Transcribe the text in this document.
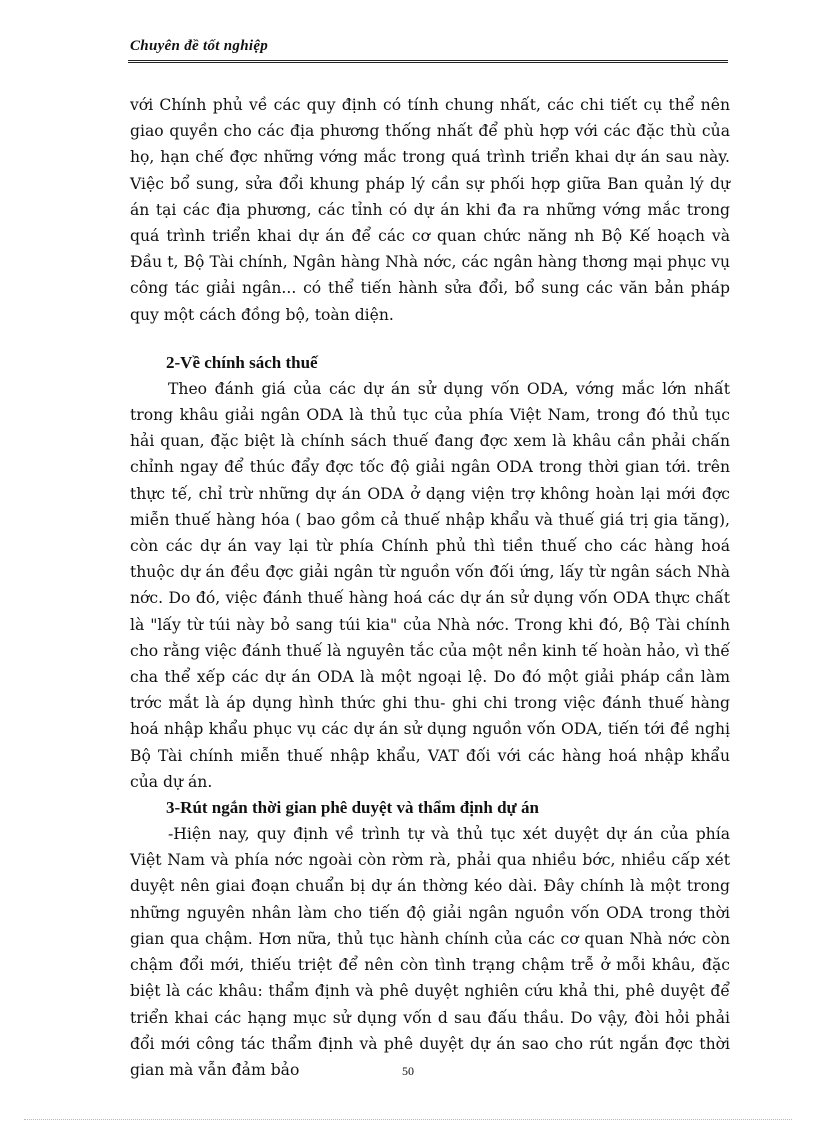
Chuyên đề tốt nghiệp

với Chính phủ về các quy định có tính chung nhất, các chi tiết cụ thể nên giao quyền cho các địa phương thống nhất để phù hợp với các đặc thù của họ, hạn chế đợc những vớng mắc trong quá trình triển khai dự án sau này. Việc bổ sung, sửa đổi khung pháp lý cần sự phối hợp giữa Ban quản lý dự án tại các địa phương, các tỉnh có dự án khi đa ra những vớng mắc trong quá trình triển khai dự án để các cơ quan chức năng nh Bộ Kế hoạch và Đầu t, Bộ Tài chính, Ngân hàng Nhà nớc, các ngân hàng thơng mại phục vụ công tác giải ngân... có thể tiến hành sửa đổi, bổ sung các văn bản pháp quy một cách đồng bộ, toàn diện.

2-Về chính sách thuế

Theo đánh giá của các dự án sử dụng vốn ODA, vớng mắc lớn nhất trong khâu giải ngân ODA là thủ tục của phía Việt Nam, trong đó thủ tục hải quan, đặc biệt là chính sách thuế đang đợc xem là khâu cần phải chấn chỉnh ngay để thúc đẩy đợc tốc độ giải ngân ODA trong thời gian tới. trên thực tế, chỉ trừ những dự án ODA ở dạng viện trợ không hoàn lại mới đợc miễn thuế hàng hóa ( bao gồm cả thuế nhập khẩu và thuế giá trị gia tăng), còn các dự án vay lại từ phía Chính phủ thì tiền thuế cho các hàng hoá thuộc dự án đều đợc giải ngân từ nguồn vốn đối ứng, lấy từ ngân sách Nhà nớc. Do đó, việc đánh thuế hàng hoá các dự án sử dụng vốn ODA thực chất là "lấy từ túi này bỏ sang túi kia" của Nhà nớc. Trong khi đó, Bộ Tài chính cho rằng việc đánh thuế là nguyên tắc của một nền kinh tế hoàn hảo, vì thế cha thể xếp các dự án ODA là một ngoại lệ. Do đó một giải pháp cần làm trớc mắt là áp dụng hình thức ghi thu- ghi chi trong việc đánh thuế hàng hoá nhập khẩu phục vụ các dự án sử dụng nguồn vốn ODA, tiến tới đề nghị Bộ Tài chính miễn thuế nhập khẩu, VAT đối với các hàng hoá nhập khẩu của dự án.

3-Rút ngắn thời gian phê duyệt và thẩm định dự án

-Hiện nay, quy định về trình tự và thủ tục xét duyệt dự án của phía Việt Nam và phía nớc ngoài còn rờm rà, phải qua nhiều bớc, nhiều cấp xét duyệt nên giai đoạn chuẩn bị dự án thờng kéo dài. Đây chính là một trong những nguyên nhân làm cho tiến độ giải ngân nguồn vốn ODA trong thời gian qua chậm. Hơn nữa, thủ tục hành chính của các cơ quan Nhà nớc còn chậm đổi mới, thiếu triệt để nên còn tình trạng chậm trễ ở mỗi khâu, đặc biệt là các khâu: thẩm định và phê duyệt nghiên cứu khả thi, phê duyệt để triển khai các hạng mục sử dụng vốn d sau đấu thầu. Do vậy, đòi hỏi phải đổi mới công tác thẩm định và phê duyệt dự án sao cho rút ngắn đợc thời gian mà vẫn đảm bảo	50
